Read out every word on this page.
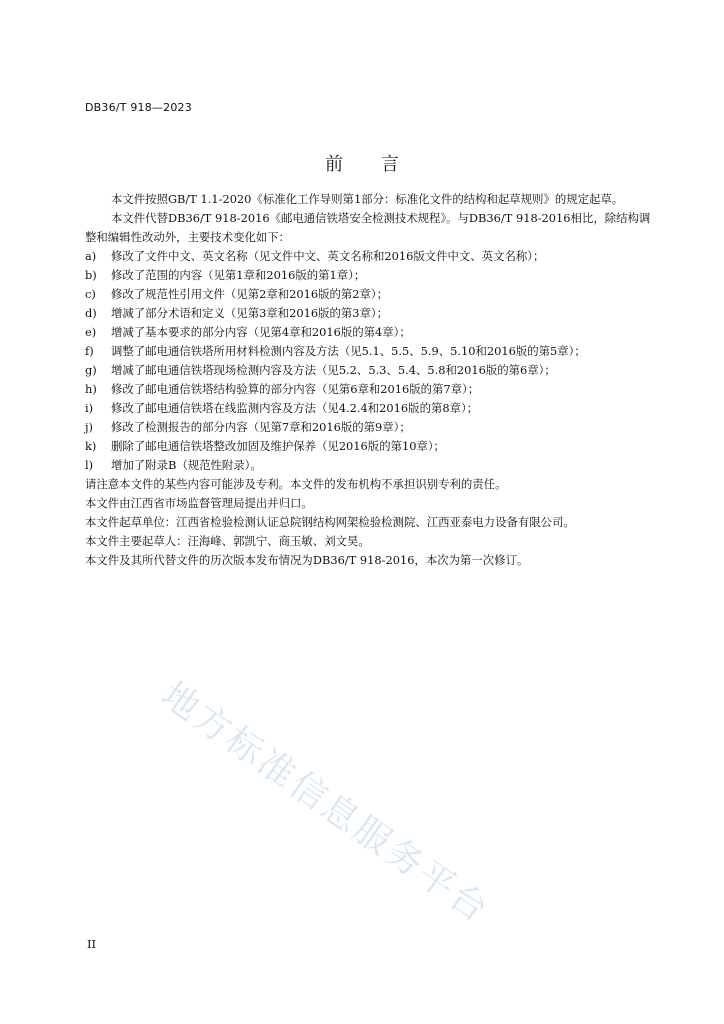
DB36/T 918—2023
前言

本文件按照GB/T 1.1-2020《标准化工作导则第1部分：标准化文件的结构和起草规则》的规定起草。

本文件代替DB36/T 918-2016《邮电通信铁塔安全检测技术规程》。与DB36/T 918-2016相比，除结构调整和编辑性改动外，主要技术变化如下：

a)	修改了文件中文、英文名称（见文件中文、英文名称和2016版文件中文、英文名称）；
b)	修改了范围的内容（见第1章和2016版的第1章）；
c)	修改了规范性引用文件（见第2章和2016版的第2章）；
d)	增减了部分术语和定义（见第3章和2016版的第3章）；
e)	增减了基本要求的部分内容（见第4章和2016版的第4章）；
f)	调整了邮电通信铁塔所用材料检测内容及方法（见5.1、5.5、5.9、5.10和2016版的第5章）；
g)	增减了邮电通信铁塔现场检测内容及方法（见5.2、5.3、5.4、5.8和2016版的第6章）；
h)	修改了邮电通信铁塔结构验算的部分内容（见第6章和2016版的第7章）；
i)	修改了邮电通信铁塔在线监测内容及方法（见4.2.4和2016版的第8章）；
j)	修改了检测报告的部分内容（见第7章和2016版的第9章）；
k)	删除了邮电通信铁塔整改加固及维护保养（见2016版的第10章）；
l)	增加了附录B（规范性附录）。

请注意本文件的某些内容可能涉及专利。本文件的发布机构不承担识别专利的责任。

本文件由江西省市场监督管理局提出并归口。

本文件起草单位：江西省检验检测认证总院钢结构网架检验检测院、江西亚泰电力设备有限公司。

本文件主要起草人：汪海峰、郭凯宁、商玉敏、刘文昊。

本文件及其所代替文件的历次版本发布情况为DB36/T 918-2016，本次为第一次修订。

地方标准信息服务平台
II
